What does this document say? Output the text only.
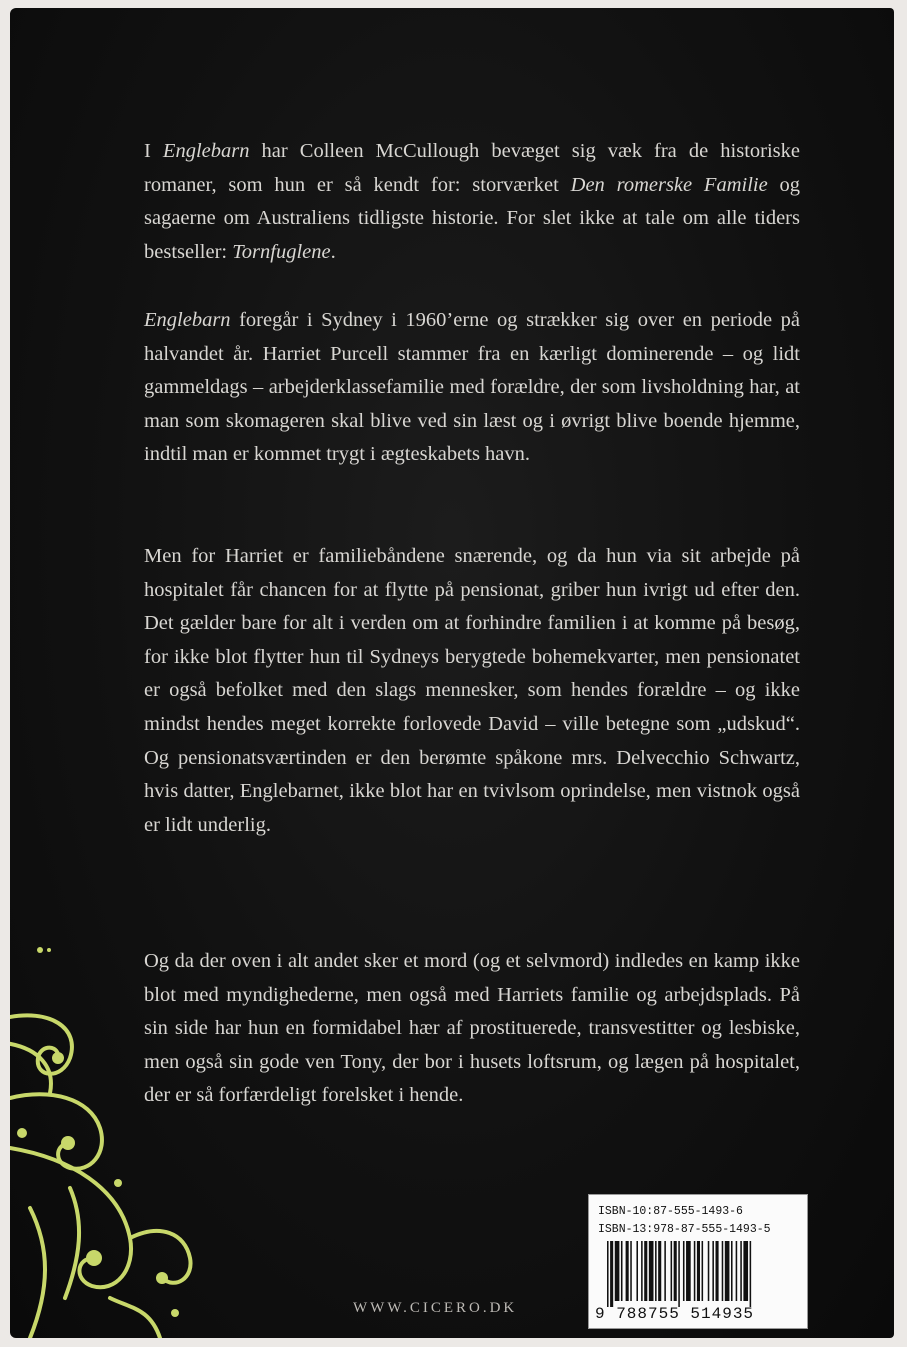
I Englebarn har Colleen McCullough bevæget sig væk fra de historiske romaner, som hun er så kendt for: storværket Den romerske Familie og sagaerne om Australiens tidligste historie. For slet ikke at tale om alle tiders bestseller: Tornfuglene.

Englebarn foregår i Sydney i 1960’erne og strækker sig over en periode på halvandet år. Harriet Purcell stammer fra en kærligt dominerende – og lidt gammeldags – arbejderklassefamilie med forældre, der som livsholdning har, at man som skomageren skal blive ved sin læst og i øvrigt blive boende hjemme, indtil man er kommet trygt i ægteskabets havn.

Men for Harriet er familiebåndene snærende, og da hun via sit arbejde på hospitalet får chancen for at flytte på pensionat, griber hun ivrigt ud efter den. Det gælder bare for alt i verden om at forhindre familien i at komme på besøg, for ikke blot flytter hun til Sydneys berygtede bohemekvarter, men pensionatet er også befolket med den slags mennesker, som hendes forældre – og ikke mindst hendes meget korrekte forlovede David – ville betegne som „udskud“. Og pensionatsværtinden er den berømte spåkone mrs. Delvecchio Schwartz, hvis datter, Englebarnet, ikke blot har en tvivlsom oprindelse, men vistnok også er lidt underlig.

Og da der oven i alt andet sker et mord (og et selvmord) indledes en kamp ikke blot med myndighederne, men også med Harriets familie og arbejdsplads. På sin side har hun en formidabel hær af prostituerede, transvestitter og lesbiske, men også sin gode ven Tony, der bor i husets loftsrum, og lægen på hospitalet, der er så forfærdeligt forelsket i hende.

WWW.CICERO.DK
ISBN-10:87-555-1493-6
ISBN-13:978-87-555-1493-5
9 788755 514935
